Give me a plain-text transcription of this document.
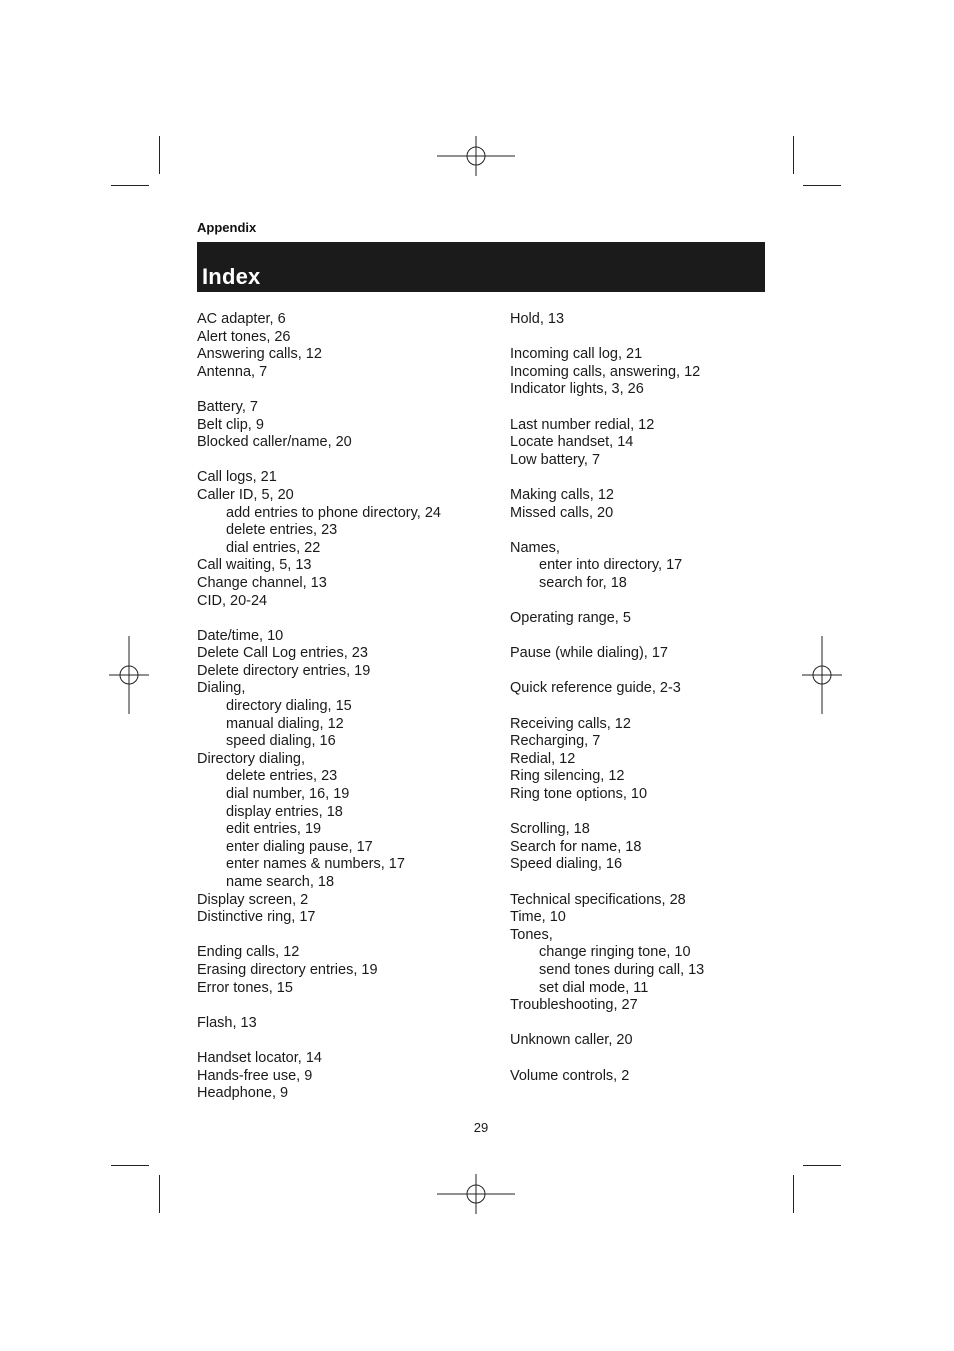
Appendix
Index
AC adapter, 6
Alert tones, 26
Answering calls, 12
Antenna, 7
Battery, 7
Belt clip, 9
Blocked caller/name, 20
Call logs, 21
Caller ID, 5, 20
add entries to phone directory, 24
delete entries, 23
dial entries, 22
Call waiting, 5, 13
Change channel, 13
CID, 20-24
Date/time, 10
Delete Call Log entries, 23
Delete directory entries, 19
Dialing,
directory dialing, 15
manual dialing, 12
speed dialing, 16
Directory dialing,
delete entries, 23
dial number, 16, 19
display entries, 18
edit entries, 19
enter dialing pause, 17
enter names & numbers, 17
name search, 18
Display screen, 2
Distinctive ring, 17
Ending calls, 12
Erasing directory entries, 19
Error tones, 15
Flash, 13
Handset locator, 14
Hands-free use, 9
Headphone, 9
Hold, 13
Incoming call log, 21
Incoming calls, answering, 12
Indicator lights, 3, 26
Last number redial, 12
Locate handset, 14
Low battery, 7
Making calls, 12
Missed calls, 20
Names,
enter into directory, 17
search for, 18
Operating range, 5
Pause (while dialing), 17
Quick reference guide, 2-3
Receiving calls, 12
Recharging, 7
Redial, 12
Ring silencing, 12
Ring tone options, 10
Scrolling, 18
Search for name, 18
Speed dialing, 16
Technical specifications, 28
Time, 10
Tones,
change ringing tone, 10
send tones during call, 13
set dial mode, 11
Troubleshooting, 27
Unknown caller, 20
Volume controls, 2
29
